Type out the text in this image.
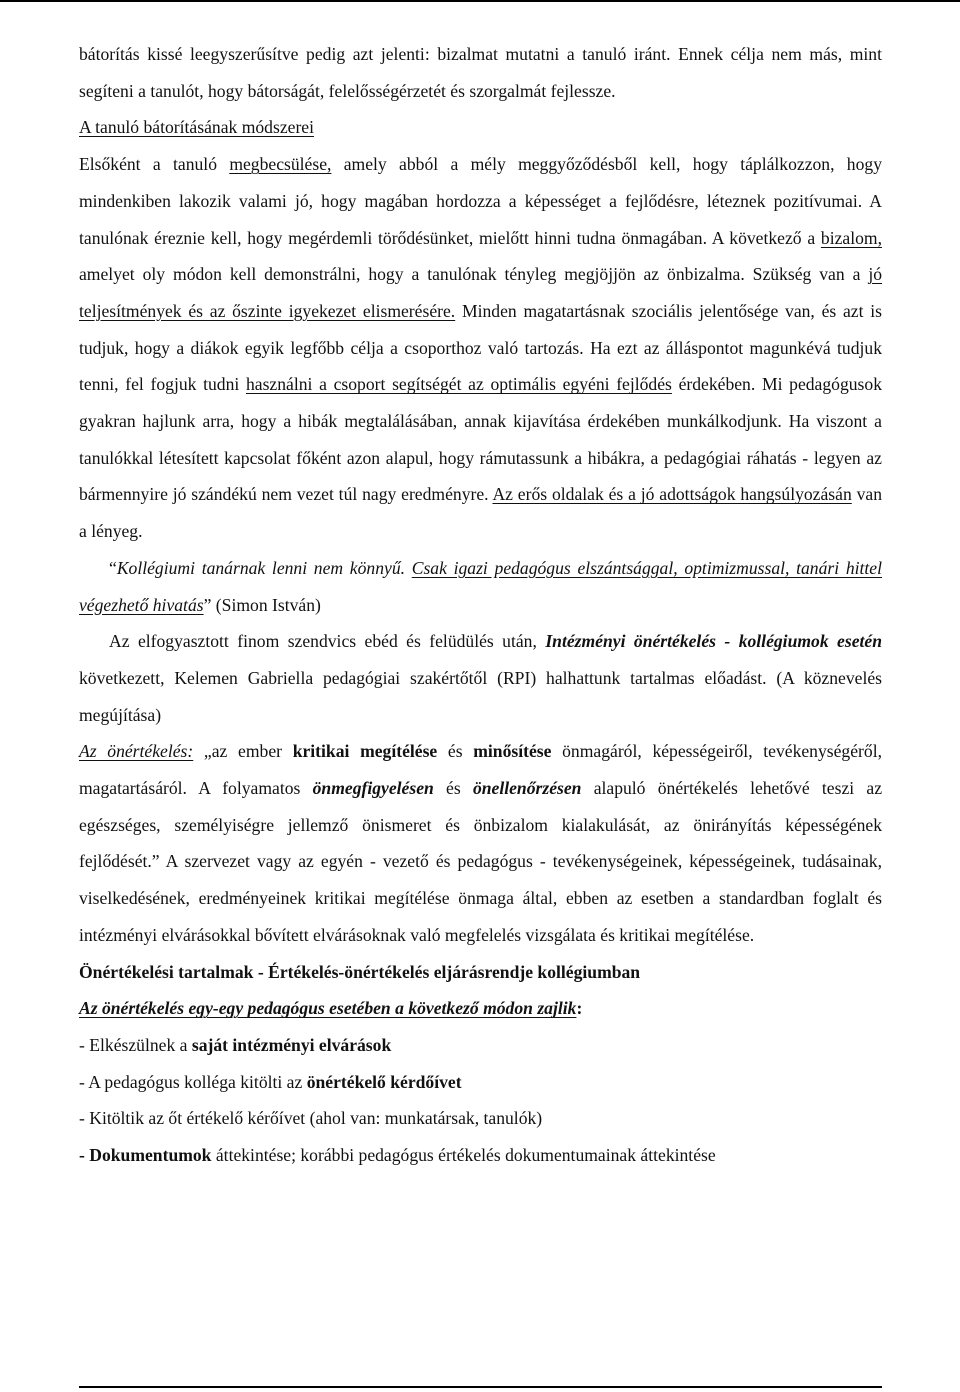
bátorítás kissé leegyszerűsítve pedig azt jelenti: bizalmat mutatni a tanuló iránt. Ennek célja nem más, mint segíteni a tanulót, hogy bátorságát, felelősségérzetét és szorgalmát fejlessze.

A tanuló bátorításának módszerei

Elsőként a tanuló megbecsülése, amely abból a mély meggyőződésből kell, hogy táplálkozzon, hogy mindenkiben lakozik valami jó, hogy magában hordozza a képességet a fejlődésre, léteznek pozitívumai. A tanulónak éreznie kell, hogy megérdemli törődésünket, mielőtt hinni tudna önmagában. A következő a bizalom, amelyet oly módon kell demonstrálni, hogy a tanulónak tényleg megjöjjön az önbizalma. Szükség van a jó teljesítmények és az őszinte igyekezet elismerésére. Minden magatartásnak szociális jelentősége van, és azt is tudjuk, hogy a diákok egyik legfőbb célja a csoporthoz való tartozás. Ha ezt az álláspontot magunkévá tudjuk tenni, fel fogjuk tudni használni a csoport segítségét az optimális egyéni fejlődés érdekében. Mi pedagógusok gyakran hajlunk arra, hogy a hibák megtalálásában, annak kijavítása érdekében munkálkodjunk. Ha viszont a tanulókkal létesített kapcsolat főként azon alapul, hogy rámutassunk a hibákra, a pedagógiai ráhatás - legyen az bármennyire jó szándékú nem vezet túl nagy eredményre. Az erős oldalak és a jó adottságok hangsúlyozásán van a lényeg.

“Kollégiumi tanárnak lenni nem könnyű. Csak igazi pedagógus elszántsággal, optimizmussal, tanári hittel végezhető hivatás” (Simon István)

Az elfogyasztott finom szendvics ebéd és felüdülés után, Intézményi önértékelés - kollégiumok esetén következett, Kelemen Gabriella pedagógiai szakértőtől (RPI) halhattunk tartalmas előadást. (A köznevelés megújítása)

Az önértékelés: „az ember kritikai megítélése és minősítése önmagáról, képességeiről, tevékenységéről, magatartásáról. A folyamatos önmegfigyelésen és önellenőrzésen alapuló önértékelés lehetővé teszi az egészséges, személyiségre jellemző önismeret és önbizalom kialakulását, az önirányítás képességének fejlődését.” A szervezet vagy az egyén - vezető és pedagógus - tevékenységeinek, képességeinek, tudásainak, viselkedésének, eredményeinek kritikai megítélése önmaga által, ebben az esetben a standardban foglalt és intézményi elvárásokkal bővített elvárásoknak való megfelelés vizsgálata és kritikai megítélése.

Önértékelési tartalmak - Értékelés-önértékelés eljárásrendje kollégiumban

Az önértékelés egy-egy pedagógus esetében a következő módon zajlik:

- Elkészülnek a saját intézményi elvárások

- A pedagógus kolléga kitölti az önértékelő kérdőívet

- Kitöltik az őt értékelő kérőívet (ahol van: munkatársak, tanulók)

- Dokumentumok áttekintése; korábbi pedagógus értékelés dokumentumainak áttekintése
